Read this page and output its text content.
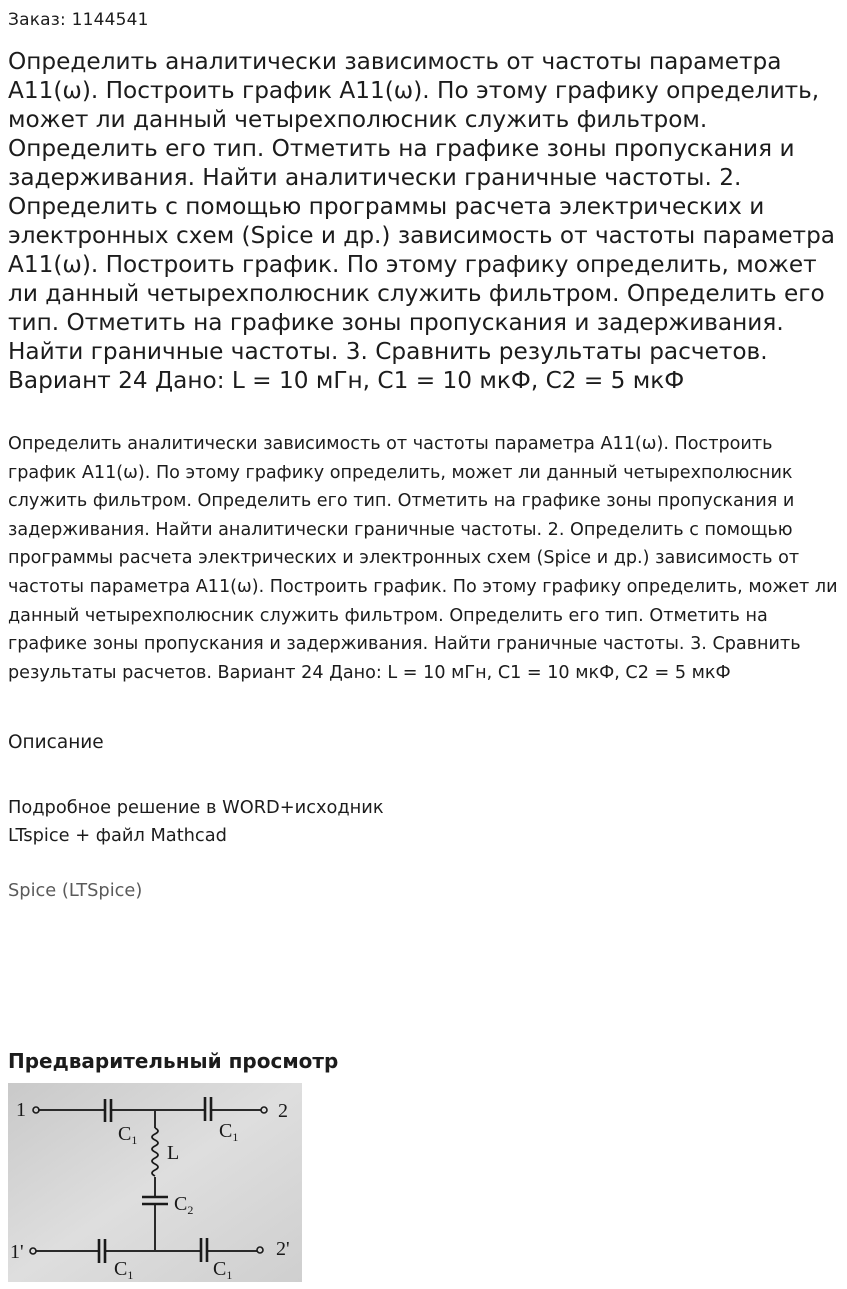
Заказ: 1144541
Определить аналитически зависимость от частоты параметра А11(ω). Построить график А11(ω). По этому графику определить, может ли данный четырехполюсник служить фильтром. Определить его тип. Отметить на графике зоны пропускания и задерживания. Найти аналитически граничные частоты. 2. Определить с помощью программы расчета электрических и электронных схем (Spice и др.) зависимость от частоты параметра А11(ω). Построить график. По этому графику определить, может ли данный четырехполюсник служить фильтром. Определить его тип. Отметить на графике зоны пропускания и задерживания. Найти граничные частоты. 3. Сравнить результаты расчетов. Вариант 24 Дано: L = 10 мГн, C1 = 10 мкФ, C2 = 5 мкФ

Определить аналитически зависимость от частоты параметра А11(ω). Построить график А11(ω). По этому графику определить, может ли данный четырехполюсник служить фильтром. Определить его тип. Отметить на графике зоны пропускания и задерживания. Найти аналитически граничные частоты. 2. Определить с помощью программы расчета электрических и электронных схем (Spice и др.) зависимость от частоты параметра А11(ω). Построить график. По этому графику определить, может ли данный четырехполюсник служить фильтром. Определить его тип. Отметить на графике зоны пропускания и задерживания. Найти граничные частоты. 3. Сравнить результаты расчетов. Вариант 24 Дано: L = 10 мГн, C1 = 10 мкФ, C2 = 5 мкФ

Описание
Подробное решение в WORD+исходник
LTspice + файл Mathcad
Spice (LTSpice)
Предварительный просмотр
1	2
1'	2'
$C_1$	$C_1$
L
$C_2$
$C_1$	$C_1$
